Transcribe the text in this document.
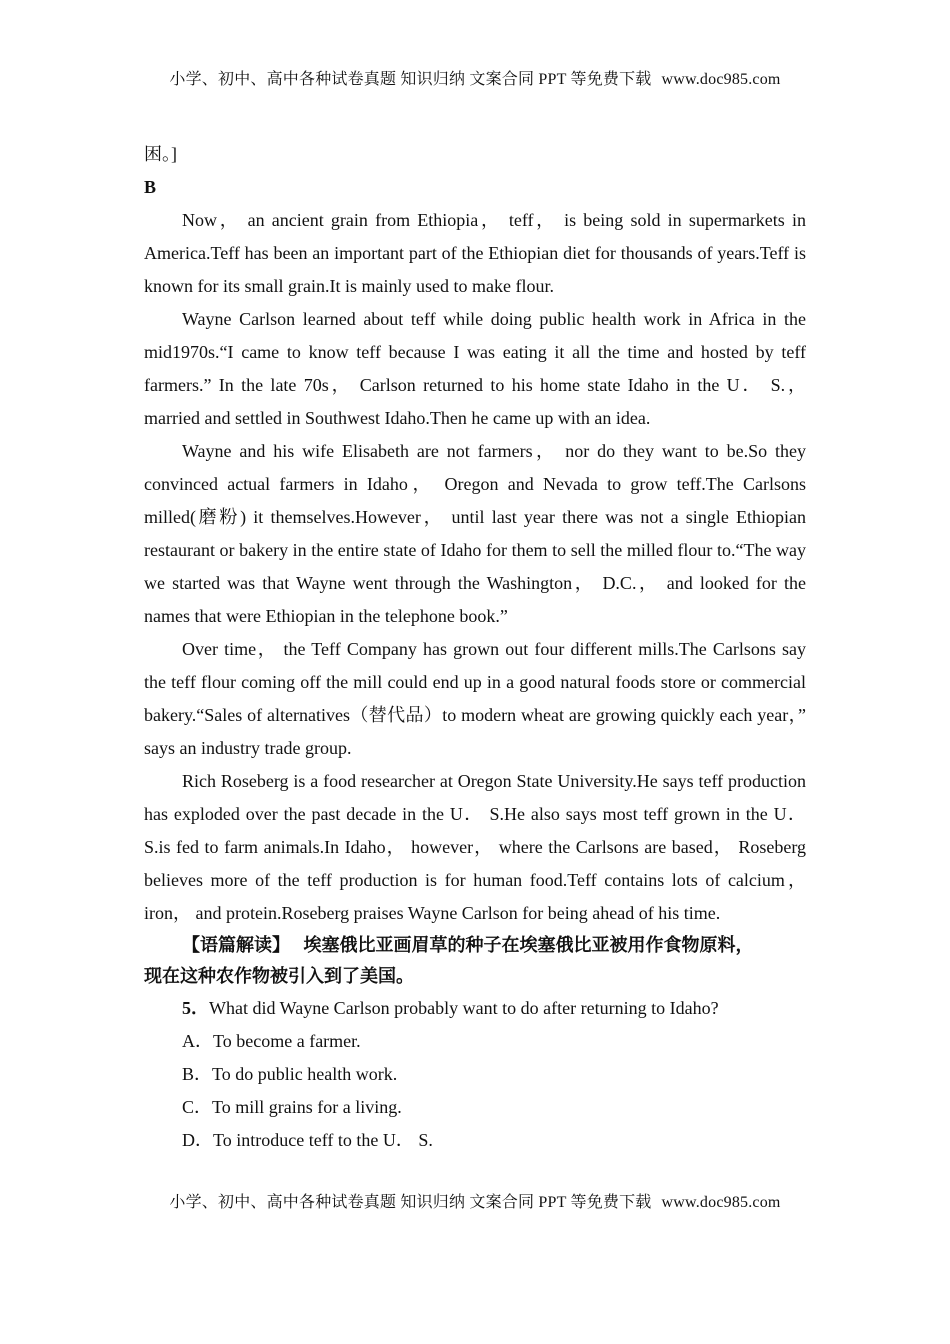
小学、初中、高中各种试卷真题 知识归纳 文案合同 PPT 等免费下载 www.doc985.com

困。]

B

Now， an ancient grain from Ethiopia， teff， is being sold in supermarkets in America.Teff has been an important part of the Ethiopian diet for thousands of years.Teff is known for its small grain.It is mainly used to make flour.

Wayne Carlson learned about teff while doing public health work in Africa in the mid1970s.“I came to know teff because I was eating it all the time and hosted by teff farmers.” In the late 70s， Carlson returned to his home state Idaho in the U． S.， married and settled in Southwest Idaho.Then he came up with an idea.

Wayne and his wife Elisabeth are not farmers， nor do they want to be.So they convinced actual farmers in Idaho， Oregon and Nevada to grow teff.The Carlsons milled(磨粉) it themselves.However， until last year there was not a single Ethiopian restaurant or bakery in the entire state of Idaho for them to sell the milled flour to.“The way we started was that Wayne went through the Washington， D.C.， and looked for the names that were Ethiopian in the telephone book.”

Over time， the Teff Company has grown out four different mills.The Carlsons say the teff flour coming off the mill could end up in a good natural foods store or commercial bakery.“Sales of alternatives（替代品）to modern wheat are growing quickly each year，” says an industry trade group.

Rich Roseberg is a food researcher at Oregon State University.He says teff production has exploded over the past decade in the U． S.He also says most teff grown in the U． S.is fed to farm animals.In Idaho， however， where the Carlsons are based， Roseberg believes more of the teff production is for human food.Teff contains lots of calcium， iron， and protein.Roseberg praises Wayne Carlson for being ahead of his time.

【语篇解读】 埃塞俄比亚画眉草的种子在埃塞俄比亚被用作食物原料，

现在这种农作物被引入到了美国。

5．What did Wayne Carlson probably want to do after returning to Idaho?

A．To become a farmer.

B．To do public health work.

C．To mill grains for a living.

D．To introduce teff to the U． S.

小学、初中、高中各种试卷真题 知识归纳 文案合同 PPT 等免费下载 www.doc985.com
